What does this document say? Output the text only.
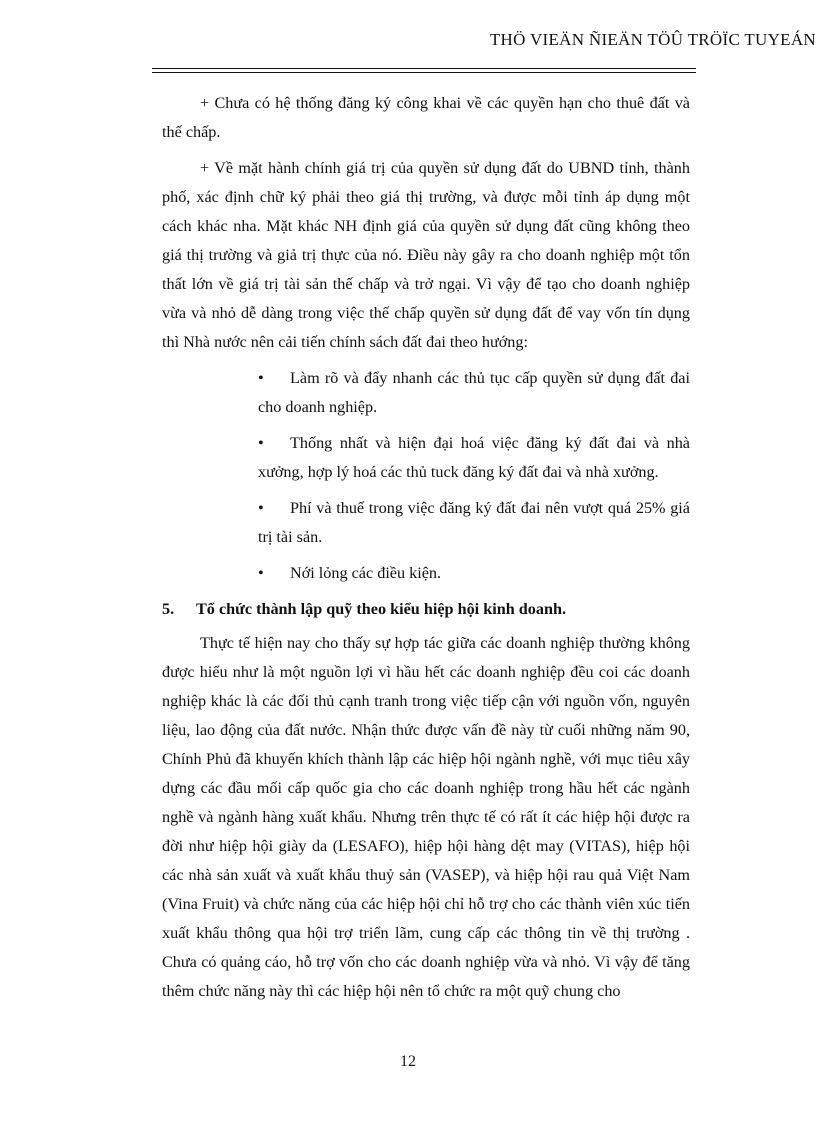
THÖ VIEÄN ÑIEÄN TÖÛ TRÖÏC TUYEÁN

+ Chưa có hệ thống đăng ký công khai về các quyền hạn cho thuê đất và thế chấp.

+ Về mặt hành chính giá trị của quyền sử dụng đất do UBND tỉnh, thành phố, xác định chữ ký phải theo giá thị trường, và được mỗi tỉnh áp dụng một cách khác nha. Mặt khác NH định giá của quyền sử dụng đất cũng không theo giá thị trường và giả trị thực của nó. Điều này gây ra cho doanh nghiệp một tổn thất lớn về giá trị tài sản thế chấp và trở ngại. Vì vậy để tạo cho doanh nghiệp vừa và nhỏ dễ dàng trong việc thế chấp quyền sử dụng đất để vay vốn tín dụng thì Nhà nước nên cải tiến chính sách đất đai theo hướng:

• Làm rõ và đẩy nhanh các thủ tục cấp quyền sử dụng đất đai cho doanh nghiệp.

• Thống nhất và hiện đại hoá việc đăng ký đất đai và nhà xưởng, hợp lý hoá các thủ tuck đăng ký đất đai và nhà xưởng.

• Phí và thuế trong việc đăng ký đất đai nên vượt quá 25% giá trị tài sản.

• Nới lỏng các điều kiện.

5. Tổ chức thành lập quỹ theo kiểu hiệp hội kinh doanh.

Thực tế hiện nay cho thấy sự hợp tác giữa các doanh nghiệp thường không được hiểu như là một nguồn lợi vì hầu hết các doanh nghiệp đều coi các doanh nghiệp khác là các đối thủ cạnh tranh trong việc tiếp cận với nguồn vốn, nguyên liệu, lao động của đất nước. Nhận thức được vấn đề này từ cuối những năm 90, Chính Phủ đã khuyến khích thành lập các hiệp hội ngành nghề, với mục tiêu xây dựng các đầu mối cấp quốc gia cho các doanh nghiệp trong hầu hết các ngành nghề và ngành hàng xuất khẩu. Nhưng trên thực tế có rất ít các hiệp hội được ra đời như hiệp hội giày da (LESAFO), hiệp hội hàng dệt may (VITAS), hiệp hội các nhà sản xuất và xuất khẩu thuỷ sản (VASEP), và hiệp hội rau quả Việt Nam (Vina Fruit) và chức năng của các hiệp hội chỉ hỗ trợ cho các thành viên xúc tiến xuất khẩu thông qua hội trợ triển lãm, cung cấp các thông tin về thị trường . Chưa có quảng cáo, hỗ trợ vốn cho các doanh nghiệp vừa và nhỏ. Vì vậy để tăng thêm chức năng này thì các hiệp hội nên tổ chức ra một quỹ chung cho

12
